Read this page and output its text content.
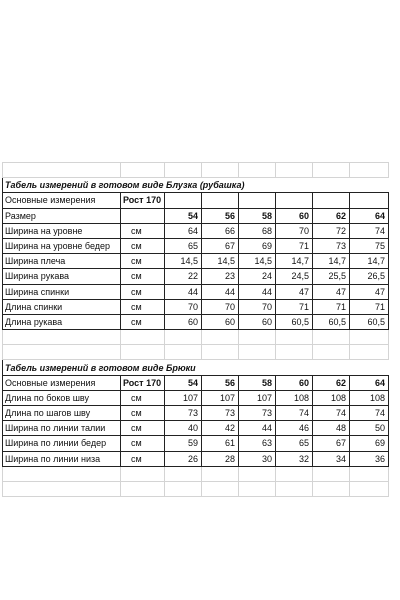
Табель измерений в готовом виде Блузка (рубашка)							
Основные измерения	Рост 170						
Размер		54	56	58	60	62	64
Ширина на уровне	см	64	66	68	70	72	74
Ширина на уровне бедер	см	65	67	69	71	73	75
Ширина плеча	см	14,5	14,5	14,5	14,7	14,7	14,7
Ширина рукава	см	22	23	24	24,5	25,5	26,5
Ширина спинки	см	44	44	44	47	47	47
Длина спинки	см	70	70	70	71	71	71
Длина рукава	см	60	60	60	60,5	60,5	60,5

Табель измерений в готовом виде Брюки							
Основные измерения	Рост 170	54	56	58	60	62	64
Длина по боков шву	см	107	107	107	108	108	108
Длина по шагов шву	см	73	73	73	74	74	74
Ширина по линии талии	см	40	42	44	46	48	50
Ширина по линии бедер	см	59	61	63	65	67	69
Ширина по линии низа	см	26	28	30	32	34	36
